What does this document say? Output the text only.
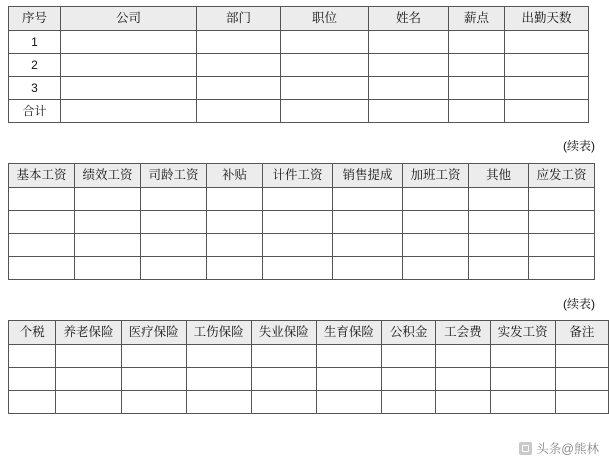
序号	公司	部门	职位	姓名	薪点	出勤天数
1						
2						
3						
合计						
(续表)
基本工资	绩效工资	司龄工资	补贴	计件工资	销售提成	加班工资	其他	应发工资

(续表)
个税	养老保险	医疗保险	工伤保险	失业保险	生育保险	公积金	工会费	实发工资	备注

头条@熊林
